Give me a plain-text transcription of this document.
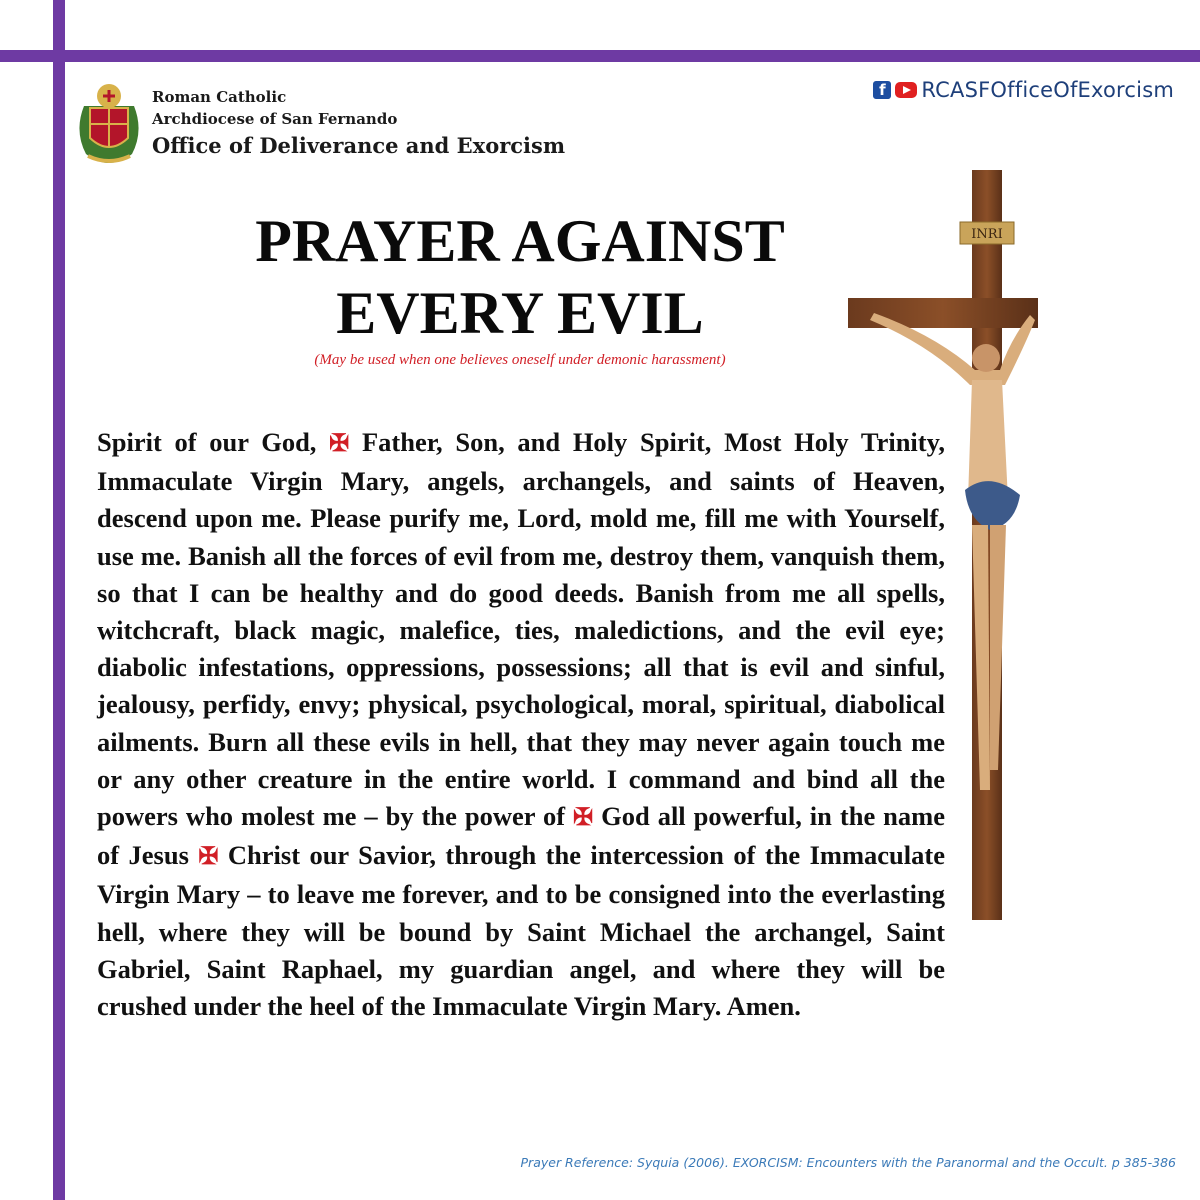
Roman Catholic
Archdiocese of San Fernando
Office of Deliverance and Exorcism
f RCASFOfficeOfExorcism
PRAYER AGAINST
EVERY EVIL
(May be used when one believes oneself under demonic harassment)
INRI
Spirit of our God, ✠ Father, Son, and Holy Spirit, Most Holy Trinity, Immaculate Virgin Mary, angels, archangels, and saints of Heaven, descend upon me. Please purify me, Lord, mold me, fill me with Yourself, use me. Banish all the forces of evil from me, destroy them, vanquish them, so that I can be healthy and do good deeds. Banish from me all spells, witchcraft, black magic, malefice, ties, maledictions, and the evil eye; diabolic infestations, oppressions, possessions; all that is evil and sinful, jealousy, perfidy, envy; physical, psychological, moral, spiritual, diabolical ailments. Burn all these evils in hell, that they may never again touch me or any other creature in the entire world. I command and bind all the powers who molest me – by the power of ✠ God all powerful, in the name of Jesus ✠ Christ our Savior, through the intercession of the Immaculate Virgin Mary – to leave me forever, and to be consigned into the everlasting hell, where they will be bound by Saint Michael the archangel, Saint Gabriel, Saint Raphael, my guardian angel, and where they will be crushed under the heel of the Immaculate Virgin Mary. Amen.
Prayer Reference: Syquia (2006). EXORCISM: Encounters with the Paranormal and the Occult. p 385-386
